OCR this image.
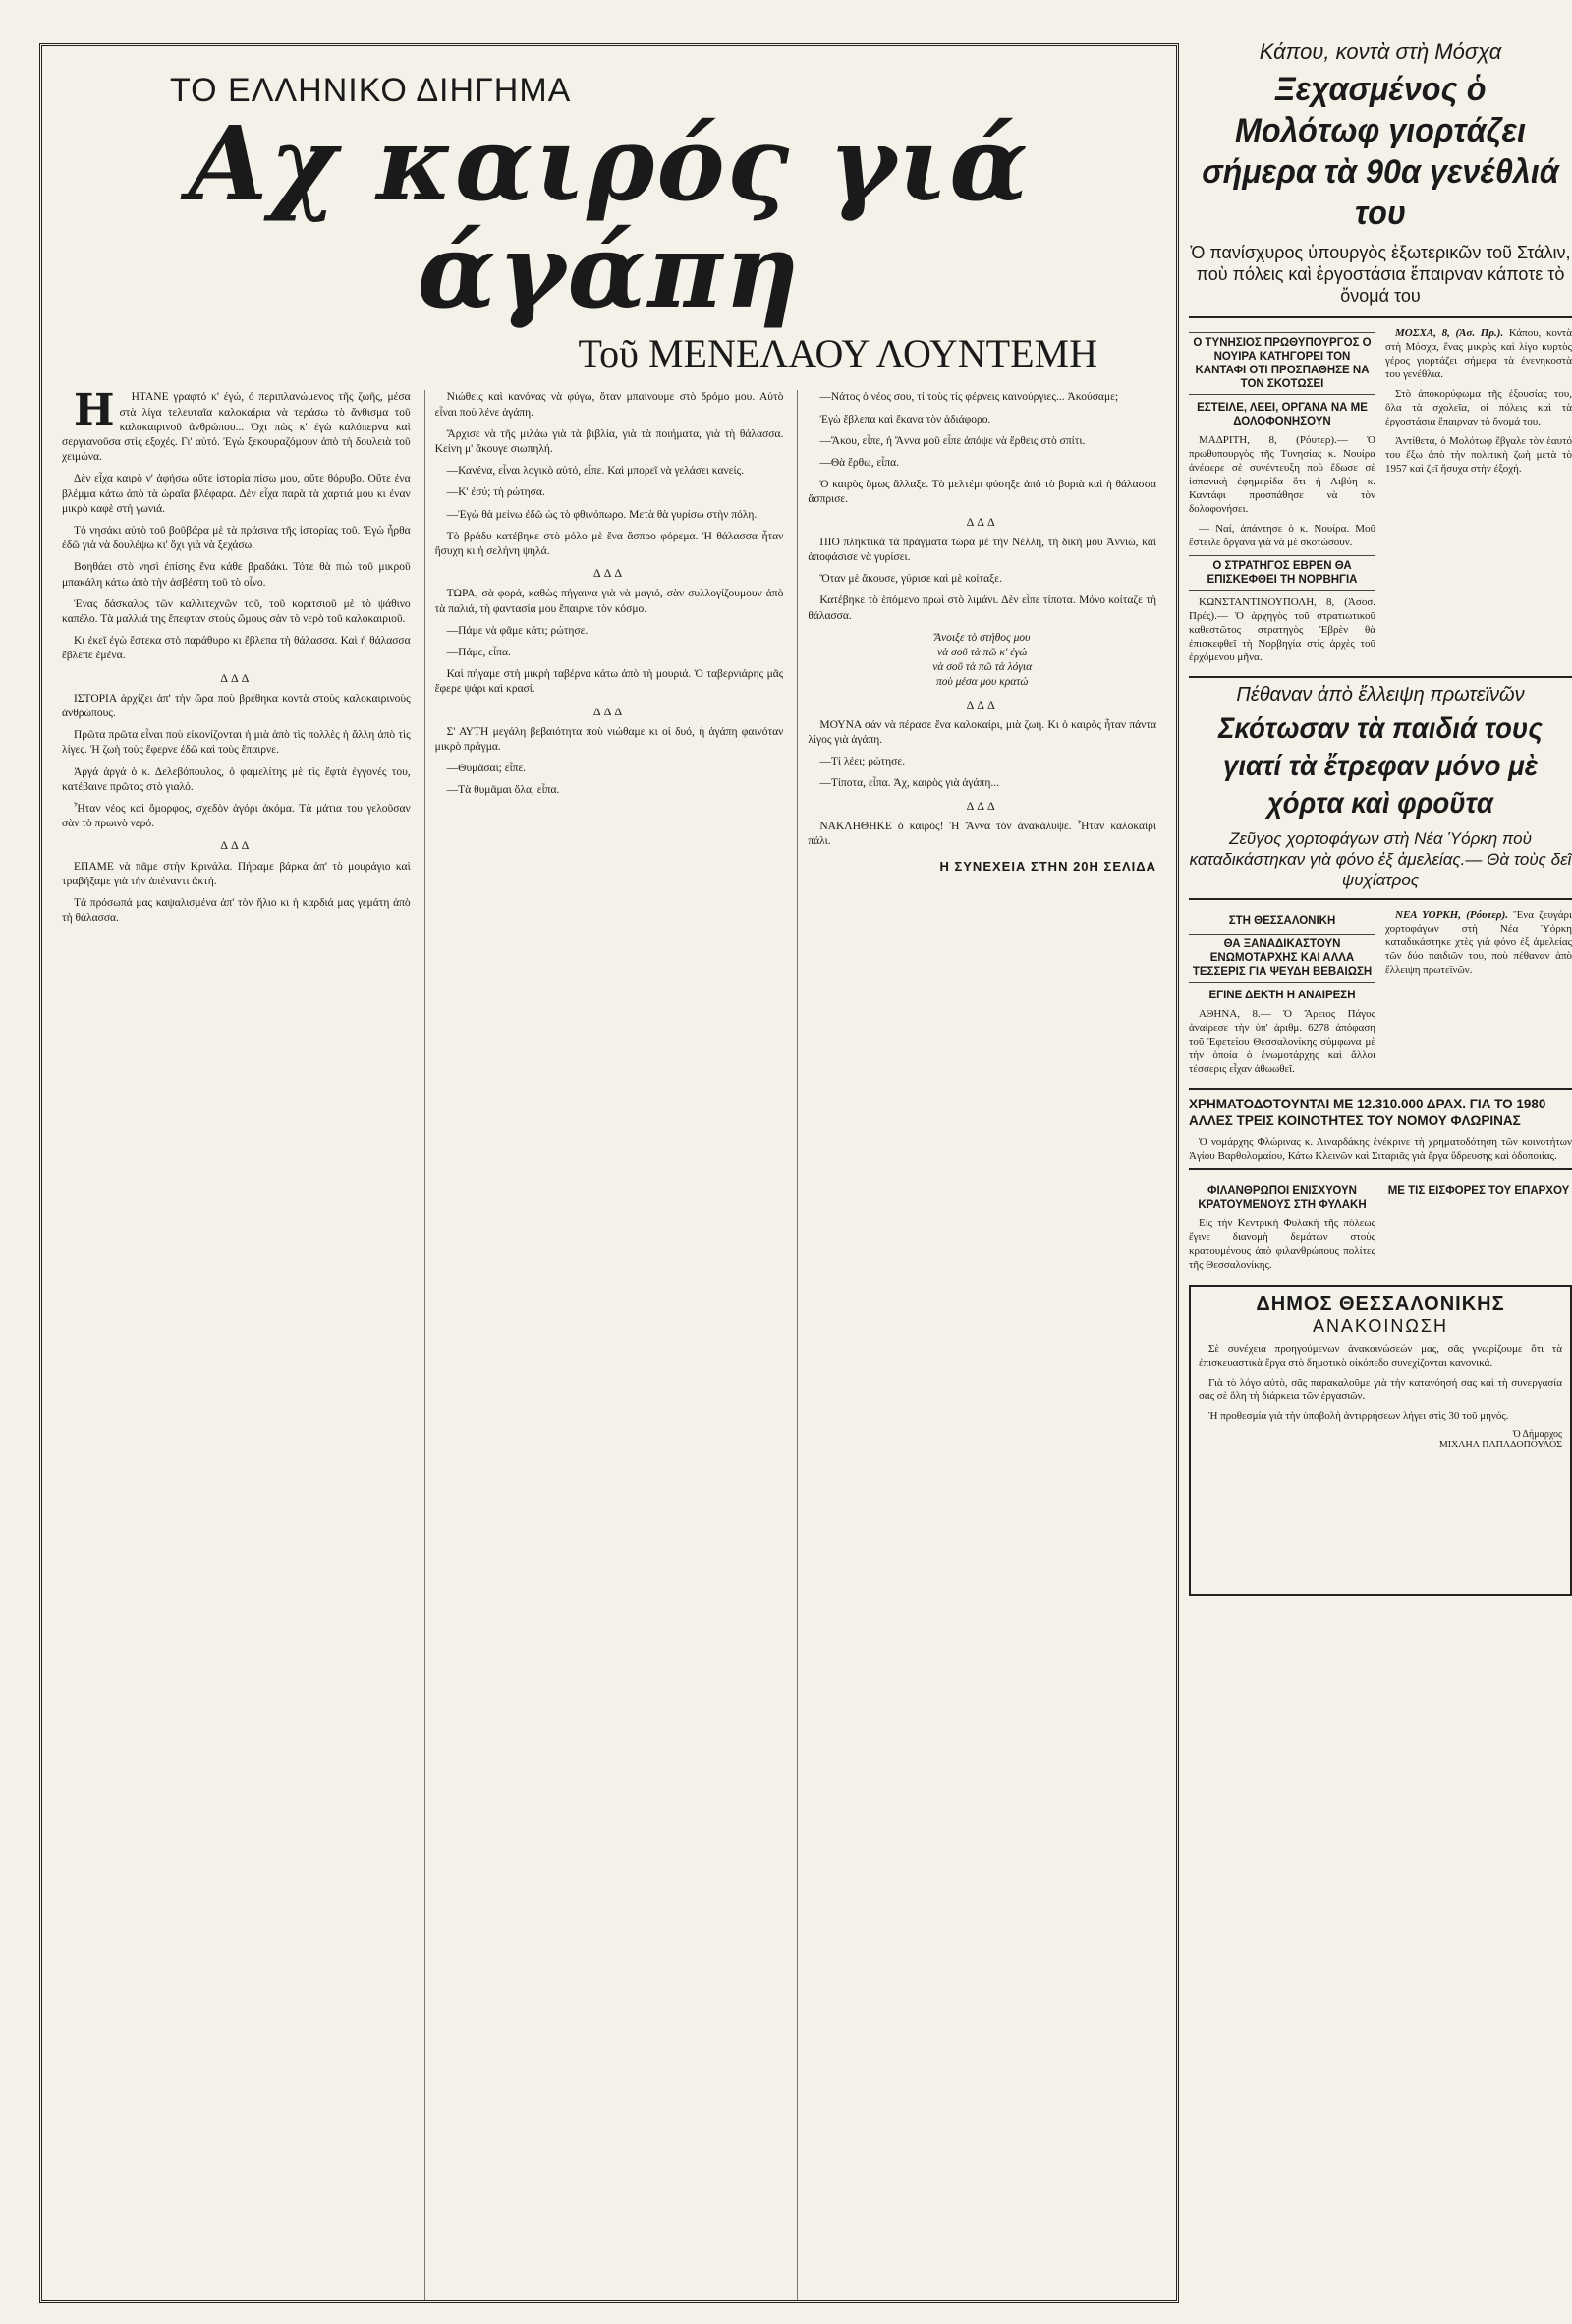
ΤΟ ΕΛΛΗΝΙΚΟ ΔΙΗΓΗΜΑ
Αχ καιρός γιά άγάπη
Τοῦ ΜΕΝΕΛΑΟΥ ΛΟΥΝΤΕΜΗ

Η ΗΤΑΝΕ γραφτό κ' έγώ, ό περιπλανώμενος τῆς ζωῆς, μέσα στὰ λίγα τελευταῖα καλοκαίρια νὰ τεράσω τὸ ἄνθισμα τοῦ καλοκαιρινοῦ ἀνθρώπου... Όχι πὼς κ' ἐγὼ καλόπερνα καὶ σεργιανοῦσα στὶς εξοχές. Γι' αὐτό. Ἐγὼ ξεκουραζόμουν ἀπὸ τὴ δουλειὰ τοῦ χειμώνα.

Δὲν εἶχα καιρὸ ν' ἀφήσω οὔτε ἱστορία πίσω μου, οὔτε θόρυβο. Οὔτε ἐνα βλέμμα κάτω ἀπὸ τὰ ὡραῖα βλέφαρα. Δὲν εἶχα παρὰ τὰ χαρτιά μου κι ἐναν μικρὸ καφὲ στὴ γωνιά.

Τὸ νησάκι αὐτὸ τοῦ βοῦβάρα μὲ τὰ πράσινα τῆς ἱστορίας τοῦ. Ἐγὼ ἦρθα ἐδῶ γιὰ νὰ δουλέψω κι' ὄχι γιὰ νὰ ξεχάσω.

Βοηθάει στὸ νησὶ ἐπίσης ἕνα κάθε βραδάκι. Τότε θὰ πιὼ τοῦ μικροῦ μπακάλη κάτω ἀπὸ τὴν ἀσβέστη τοῦ τὸ οἶνο.

Ἐνας δάσκαλος τῶν καλλιτεχνῶν τοῦ, τοῦ κοριτσιοῦ μὲ τὸ ψάθινο καπέλο. Τὰ μαλλιά της ἔπεφταν στοὺς ὤμους σὰν τὸ νερὸ τοῦ καλοκαιριοῦ.

Κι ἐκεῖ ἐγὼ ἔστεκα στὸ παράθυρο κι ἔβλεπα τὴ θάλασσα. Καὶ ἡ θάλασσα ἔβλεπε ἐμένα.

ΔΔΔ

ΙΣΤΟΡΙΑ ἀρχίζει ἀπ' τὴν ὥρα ποὺ βρέθηκα κοντὰ στοὺς καλοκαιρινοὺς ἀνθρώπους.

Πρῶτα πρῶτα εἶναι ποὺ εἰκονίζονται ἡ μιὰ ἀπὸ τὶς πολλὲς ἡ ἄλλη ἀπὸ τὶς λίγες. Ἡ ζωὴ τοὺς ἔφερνε ἐδῶ καὶ τοὺς ἔπαιρνε.

Ἀργά ἀργά ὁ κ. Δελεβόπουλος, ὁ φαμελίτης μὲ τὶς ἔφτὰ ἐγγονές του, κατέβαινε πρῶτος στὸ γιαλό.

Ἦταν νέος καὶ ὄμορφος, σχεδὸν ἀγόρι ἀκόμα. Τὰ μάτια του γελοῦσαν σὰν τὸ πρωινὸ νερό.

ΔΔΔ

ΕΠΑΜΕ νὰ πᾶμε στὴν Κρινάλα. Πήραμε βάρκα ἀπ' τὸ μουράγιο καὶ τραβήξαμε γιὰ τὴν ἀπέναντι ἀκτή.

Τὰ πρόσωπά μας καψαλισμένα ἀπ' τὸν ἥλιο κι ἡ καρδιά μας γεμάτη ἀπὸ τὴ θάλασσα.

Νιώθεις καὶ κανόνας νὰ φύγω, ὅταν μπαίνουμε στὸ δρόμο μου. Αὐτὸ εἶναι ποὺ λένε ἀγάπη.

Ἄρχισε νὰ τῆς μιλάω γιὰ τὰ βιβλία, γιὰ τὰ ποιήματα, γιὰ τὴ θάλασσα. Κείνη μ' ἄκουγε σιωπηλή.

—Κανένα, εἶναι λογικὸ αὐτό, εἶπε. Καὶ μπορεῖ νὰ γελάσει κανείς.

—Κ' ἐσύ; τὴ ρώτησα.

—Ἐγὼ θὰ μείνω ἐδῶ ὡς τὸ φθινόπωρο. Μετὰ θὰ γυρίσω στὴν πόλη.

Τὸ βράδυ κατέβηκε στὸ μόλο μὲ ἕνα ἄσπρο φόρεμα. Ἡ θάλασσα ἦταν ἥσυχη κι ἡ σελήνη ψηλά.

ΔΔΔ

ΤΩΡΑ, σὰ φορά, καθὼς πήγαινα γιὰ νὰ μαγιό, σὰν συλλογίζουμουν ἀπὸ τὰ παλιά, τὴ φαντασία μου ἔπαιρνε τὸν κόσμο.

—Πάμε νὰ φᾶμε κάτι; ρώτησε.

—Πάμε, εἶπα.

Καὶ πήγαμε στὴ μικρὴ ταβέρνα κάτω ἀπὸ τὴ μουριά. Ὁ ταβερνιάρης μᾶς ἔφερε ψάρι καὶ κρασί.

ΔΔΔ

Σ' ΑΥΤΗ μεγάλη βεβαιότητα ποὺ νιώθαμε κι οἱ δυό, ἡ ἀγάπη φαινόταν μικρὸ πράγμα.

—Θυμᾶσαι; εἶπε.

—Τὰ θυμᾶμαι ὅλα, εἶπα.

—Νάτος ὁ νέος σου, τί τοὺς τίς φέρνεις καινούργιες... Ἀκούσαμε;

Ἐγὼ ἔβλεπα καὶ ἔκανα τὸν ἀδιάφορο.

—Ἄκου, εἶπε, ἡ Ἄννα μοῦ εἶπε ἀπόψε νὰ ἔρθεις στὸ σπίτι.

—Θὰ ἔρθω, εἶπα.

Ὁ καιρὸς ὅμως ἄλλαξε. Τὸ μελτέμι φύσηξε ἀπὸ τὸ βοριὰ καὶ ἡ θάλασσα ἄσπρισε.

ΔΔΔ

ΠΙΟ πληκτικὰ τὰ πράγματα τώρα μὲ τὴν Νέλλη, τὴ δική μου Ἀννιώ, καὶ ἀποφάσισε νὰ γυρίσει.

Ὅταν μὲ ἄκουσε, γύρισε καὶ μὲ κοίταξε.

Κατέβηκε τὸ ἑπόμενο πρωὶ στὸ λιμάνι. Δὲν εἶπε τίποτα. Μόνο κοίταζε τὴ θάλασσα.

Ἄνοιξε τὸ στήθος μου
νὰ σοῦ τὰ πῶ κ' ἐγώ
νὰ σοῦ τὰ πῶ τὰ λόγια
ποὺ μέσα μου κρατώ

ΔΔΔ

ΜΟΥΝΑ σάν νὰ πέρασε ἕνα καλοκαίρι, μιὰ ζωή. Κι ὁ καιρὸς ἦταν πάντα λίγος γιὰ ἀγάπη.

—Τί λέει; ρώτησε.

—Τίποτα, εἶπα. Ἀχ, καιρὸς γιὰ ἀγάπη...

ΔΔΔ

ΝΑΚΛΗΘΗΚΕ ὁ καιρὸς! Ἡ Ἄννα τὸν ἀνακάλυψε. Ἦταν καλοκαίρι πάλι.

Η ΣΥΝΕΧΕΙΑ ΣΤΗΝ 20Η ΣΕΛΙΔΑ
Κάπου, κοντὰ στὴ Μόσχα
Ξεχασμένος ὁ Μολότωφ γιορτάζει σήμερα τὰ 90α γενέθλιά του
Ὁ πανίσχυρος ὑπουργὸς ἐξωτερικῶν τοῦ Στάλιν, ποὺ πόλεις καὶ ἐργοστάσια ἔπαιρναν κάποτε τὸ ὄνομά του
Ο ΤΥΝΗΣΙΟΣ ΠΡΩΘΥΠΟΥΡΓΟΣ Ο ΝΟΥΙΡΑ ΚΑΤΗΓΟΡΕΙ ΤΟΝ ΚΑΝΤΑΦΙ ΟΤΙ ΠΡΟΣΠΑΘΗΣΕ ΝΑ ΤΟΝ ΣΚΟΤΩΣΕΙ
ΕΣΤΕΙΛΕ, ΛΕΕΙ, ΟΡΓΑΝΑ ΝΑ ΜΕ ΔΟΛΟΦΟΝΗΣΟΥΝ

ΜΑΔΡΙΤΗ, 8, (Ρόυτερ).— Ὁ πρωθυπουργὸς τῆς Τυνησίας κ. Νουίρα ἀνέφερε σὲ συνέντευξη ποὺ ἔδωσε σὲ ἱσπανικὴ ἐφημερίδα ὅτι ἡ Λιβύη κ. Καντάφι προσπάθησε νὰ τὸν δολοφονήσει.

— Ναί, ἀπάντησε ὁ κ. Νουίρα. Μοῦ ἔστειλε ὄργανα γιὰ νὰ μὲ σκοτώσουν.

Ο ΣΤΡΑΤΗΓΟΣ ΕΒΡΕΝ ΘΑ ΕΠΙΣΚΕΦΘΕΙ ΤΗ ΝΟΡΒΗΓΙΑ

ΚΩΝΣΤΑΝΤΙΝΟΥΠΟΛΗ, 8, (Ἀσοσ. Πρές).— Ὁ ἀρχηγὸς τοῦ στρατιωτικοῦ καθεστῶτος στρατηγὸς Ἐβρὲν θὰ ἐπισκεφθεῖ τὴ Νορβηγία στὶς ἀρχὲς τοῦ ἐρχόμενου μῆνα.

ΜΟΣΧΑ, 8, (Ἀσ. Πρ.). Κάπου, κοντὰ στὴ Μόσχα, ἕνας μικρὸς καὶ λίγο κυρτὸς γέρος γιορτάζει σήμερα τὰ ἐνενηκοστὰ του γενέθλια.

Στὸ ἀποκορύφωμα τῆς ἐξουσίας του, ὅλα τὰ σχολεῖα, οἱ πόλεις καὶ τὰ ἐργοστάσια ἔπαιρναν τὸ ὄνομά του.

Ἀντίθετα, ὁ Μολότωφ ἔβγαλε τὸν ἑαυτό του ἔξω ἀπὸ τὴν πολιτικὴ ζωὴ μετὰ τὸ 1957 καὶ ζεῖ ἥσυχα στὴν ἐξοχή.

Πέθαναν ἀπὸ ἔλλειψη πρωτεϊνῶν
Σκότωσαν τὰ παιδιά τους γιατί τὰ ἔτρεφαν μόνο μὲ χόρτα καὶ φροῦτα
Ζεῦγος χορτοφάγων στὴ Νέα Ὑόρκη ποὺ καταδικάστηκαν γιὰ φόνο ἐξ ἀμελείας.— Θὰ τοὺς δεῖ ψυχίατρος
ΣΤΗ ΘΕΣΣΑΛΟΝΙΚΗ
ΘΑ ΞΑΝΑΔΙΚΑΣΤΟΥΝ ΕΝΩΜΟΤΑΡΧΗΣ ΚΑΙ ΑΛΛΑ ΤΕΣΣΕΡΙΣ ΓΙΑ ΨΕΥΔΗ ΒΕΒΑΙΩΣΗ
ΕΓΙΝΕ ΔΕΚΤΗ Η ΑΝΑΙΡΕΣΗ

ΑΘΗΝΑ, 8.— Ὁ Ἄρειος Πάγος ἀναίρεσε τὴν ὑπ' ἀριθμ. 6278 ἀπόφαση τοῦ Ἐφετείου Θεσσαλονίκης σύμφωνα μὲ τὴν ὁποία ὁ ἐνωμοτάρχης καὶ ἄλλοι τέσσερις εἶχαν ἀθωωθεῖ.

ΝΕΑ ΥΟΡΚΗ, (Ρόυτερ). Ἕνα ζευγάρι χορτοφάγων στὴ Νέα Ὑόρκη καταδικάστηκε χτὲς γιὰ φόνο ἐξ ἀμελείας τῶν δύο παιδιῶν του, ποὺ πέθαναν ἀπὸ ἔλλειψη πρωτεϊνῶν.

ΧΡΗΜΑΤΟΔΟΤΟΥΝΤΑΙ ΜΕ 12.310.000 ΔΡΑΧ. ΓΙΑ ΤΟ 1980 ΑΛΛΕΣ ΤΡΕΙΣ ΚΟΙΝΟΤΗΤΕΣ ΤΟΥ ΝΟΜΟΥ ΦΛΩΡΙΝΑΣ

Ὁ νομάρχης Φλώρινας κ. Λιναρδάκης ἐνέκρινε τὴ χρηματοδότηση τῶν κοινοτήτων Ἀγίου Βαρθολομαίου, Κάτω Κλεινῶν καὶ Σιταριᾶς γιὰ ἔργα ὕδρευσης καὶ ὁδοποιίας.

ΦΙΛΑΝΘΡΩΠΟΙ ΕΝΙΣΧΥΟΥΝ ΚΡΑΤΟΥΜΕΝΟΥΣ ΣΤΗ ΦΥΛΑΚΗ

Εἰς τὴν Κεντρικὴ Φυλακὴ τῆς πόλεως ἔγινε διανομὴ δεμάτων στοὺς κρατουμένους ἀπὸ φιλανθρώπους πολίτες τῆς Θεσσαλονίκης.

ΜΕ ΤΙΣ ΕΙΣΦΟΡΕΣ ΤΟΥ ΕΠΑΡΧΟΥ
ΔΗΜΟΣ ΘΕΣΣΑΛΟΝΙΚΗΣ
ΑΝΑΚΟΙΝΩΣΗ

Σὲ συνέχεια προηγούμενων ἀνακοινώσεών μας, σᾶς γνωρίζουμε ὅτι τὰ ἐπισκευαστικὰ ἔργα στὸ δημοτικὸ οἰκόπεδο συνεχίζονται κανονικά.

Γιὰ τὸ λόγο αὐτὸ, σᾶς παρακαλοῦμε γιὰ τὴν κατανόησή σας καὶ τὴ συνεργασία σας σὲ ὅλη τὴ διάρκεια τῶν ἐργασιῶν.

Ἡ προθεσμία γιὰ τὴν ὑποβολὴ ἀντιρρήσεων λήγει στὶς 30 τοῦ μηνός.

Ὁ Δήμαρχος
ΜΙΧΑΗΛ ΠΑΠΑΔΟΠΟΥΛΟΣ
